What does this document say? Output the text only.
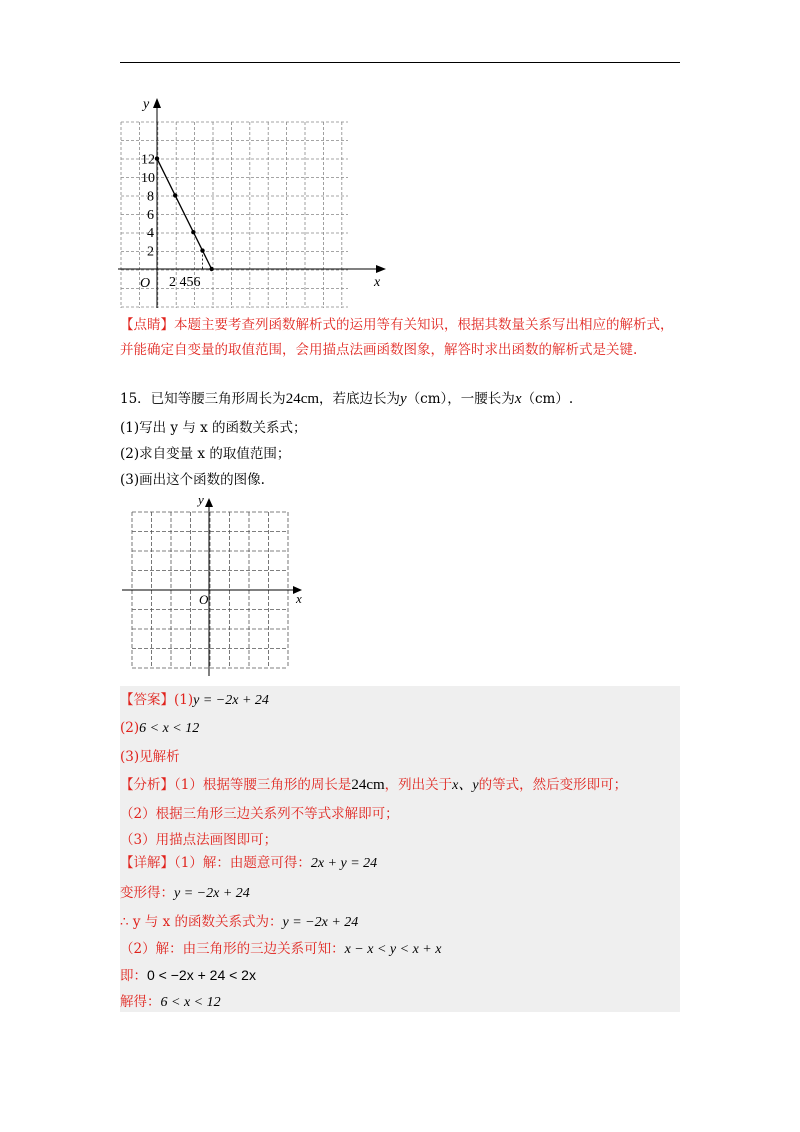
y
x
O 2 456
12
10
8
6
4
2
【点睛】本题主要考查列函数解析式的运用等有关知识，根据其数量关系写出相应的解析式，并能确定自变量的取值范围，会用描点法画函数图象，解答时求出函数的解析式是关键.
15．已知等腰三角形周长为24cm，若底边长为y（cm），一腰长为x（cm）.
(1)写出 y 与 x 的函数关系式；
(2)求自变量 x 的取值范围；
(3)画出这个函数的图像.
y
x
O
【答案】(1)y = −2x + 24
(2)6 < x < 12
(3)见解析
【分析】（1）根据等腰三角形的周长是24cm，列出关于x、y的等式，然后变形即可；
（2）根据三角形三边关系列不等式求解即可；
（3）用描点法画图即可；
【详解】（1）解：由题意可得：2x + y = 24
变形得：y = −2x + 24
∴ y 与 x 的函数关系式为：y = −2x + 24
（2）解：由三角形的三边关系可知：x − x < y < x + x
即：0 < −2x + 24 < 2x
解得：6 < x < 12
